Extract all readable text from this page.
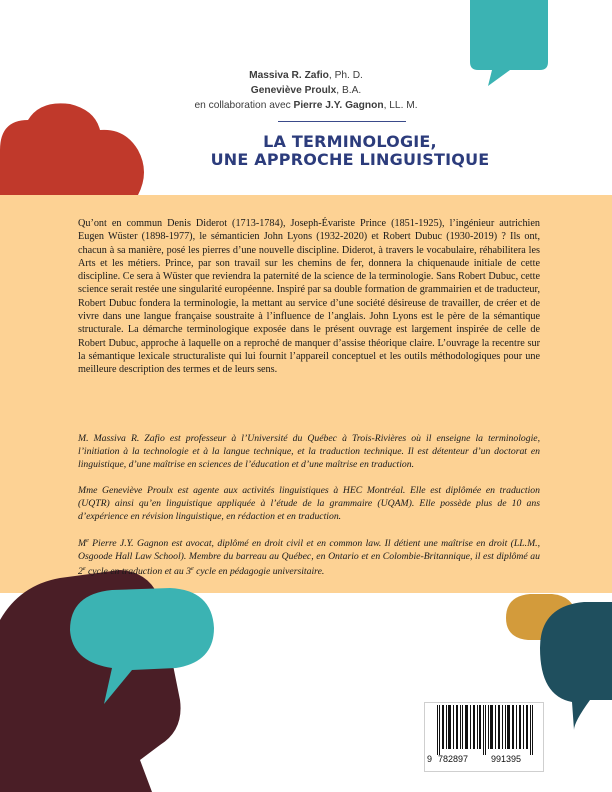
Massiva R. Zafio, Ph. D.
Geneviève Proulx, B.A.
en collaboration avec Pierre J.Y. Gagnon, LL. M.
LA TERMINOLOGIE,
UNE APPROCHE LINGUISTIQUE
Qu’ont en commun Denis Diderot (1713-1784), Joseph-Évariste Prince (1851-1925), l’ingénieur autrichien Eugen Wüster (1898-1977), le sémanticien John Lyons (1932-2020) et Robert Dubuc (1930-2019) ? Ils ont, chacun à sa manière, posé les pierres d’une nouvelle discipline. Diderot, à travers le vocabulaire, réhabilitera les Arts et les métiers. Prince, par son travail sur les chemins de fer, donnera la chiquenaude initiale de cette discipline. Ce sera à Wüster que reviendra la paternité de la science de la terminologie. Sans Robert Dubuc, cette science serait restée une singularité européenne. Inspiré par sa double formation de grammairien et de traducteur, Robert Dubuc fondera la terminologie, la mettant au service d’une société désireuse de travailler, de créer et de vivre dans une langue française soustraite à l’influence de l’anglais. John Lyons est le père de la sémantique structurale. La démarche terminologique exposée dans le présent ouvrage est largement inspirée de celle de Robert Dubuc, approche à laquelle on a reproché de manquer d’assise théorique claire. L’ouvrage la recentre sur la sémantique lexicale structuraliste qui lui fournit l’appareil conceptuel et les outils méthodologiques pour une meilleure description des termes et de leurs sens.
M. Massiva R. Zafio est professeur à l’Université du Québec à Trois-Rivières où il enseigne la terminologie, l’initiation à la technologie et à la langue technique, et la traduction technique. Il est détenteur d’un doctorat en linguistique, d’une maîtrise en sciences de l’éducation et d’une maîtrise en traduction.
Mme Geneviève Proulx est agente aux activités linguistiques à HEC Montréal. Elle est diplômée en traduction (UQTR) ainsi qu’en linguistique appliquée à l’étude de la grammaire (UQAM). Elle possède plus de 10 ans d’expérience en révision linguistique, en rédaction et en traduction.
Me Pierre J.Y. Gagnon est avocat, diplômé en droit civil et en common law. Il détient une maîtrise en droit (LL.M., Osgoode Hall Law School). Membre du barreau au Québec, en Ontario et en Colombie-Britannique, il est diplômé au 2e cycle en traduction et au 3e cycle en pédagogie universitaire.
9 782897	991395
